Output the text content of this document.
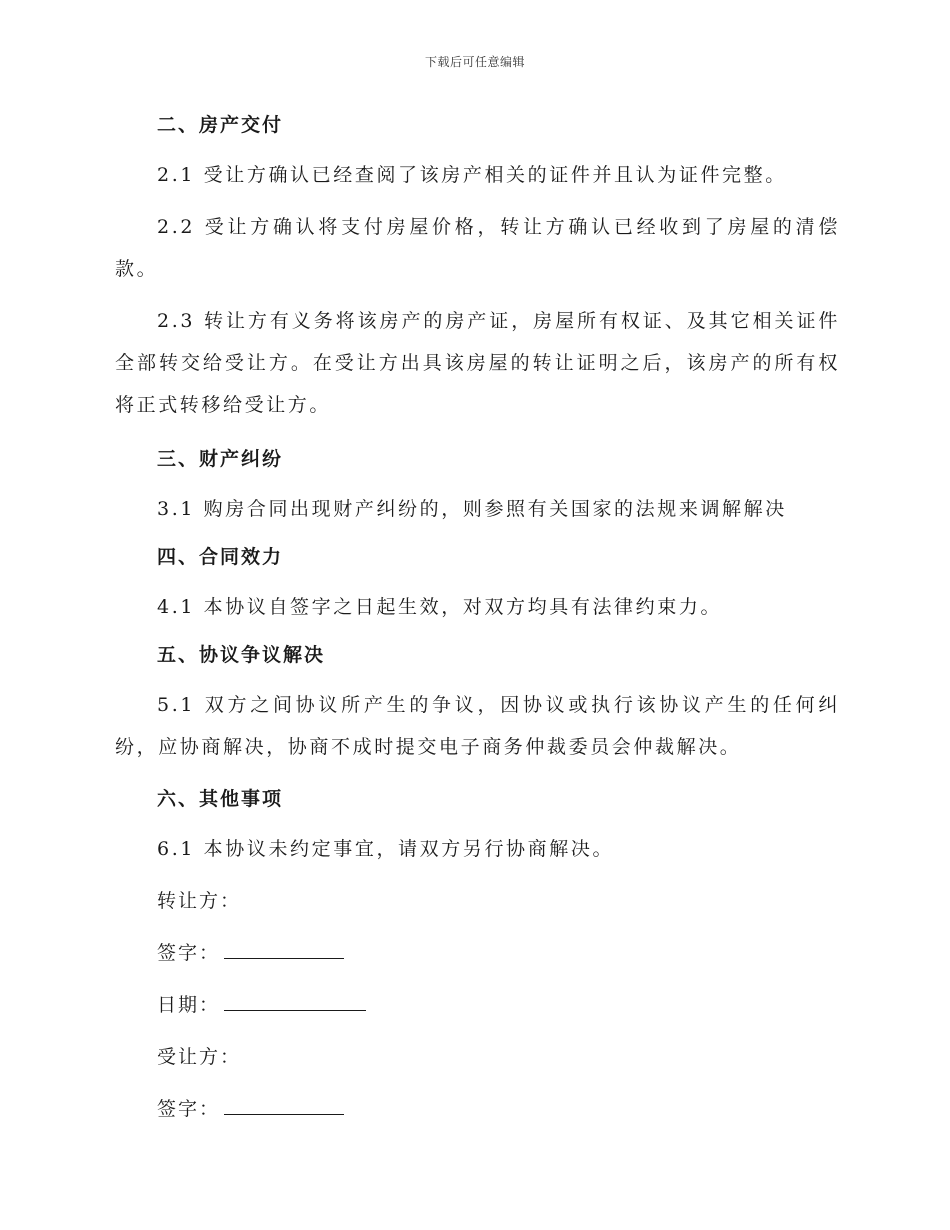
下载后可任意编辑
二、房产交付

2.1 受让方确认已经查阅了该房产相关的证件并且认为证件完整。

2.2 受让方确认将支付房屋价格，转让方确认已经收到了房屋的清偿款。

2.3 转让方有义务将该房产的房产证，房屋所有权证、及其它相关证件全部转交给受让方。在受让方出具该房屋的转让证明之后，该房产的所有权将正式转移给受让方。

三、财产纠纷

3.1 购房合同出现财产纠纷的，则参照有关国家的法规来调解解决

四、合同效力

4.1 本协议自签字之日起生效，对双方均具有法律约束力。

五、协议争议解决

5.1 双方之间协议所产生的争议，因协议或执行该协议产生的任何纠纷，应协商解决，协商不成时提交电子商务仲裁委员会仲裁解决。

六、其他事项

6.1 本协议未约定事宜，请双方另行协商解决。

转让方：
签字：
日期：
受让方：
签字：
